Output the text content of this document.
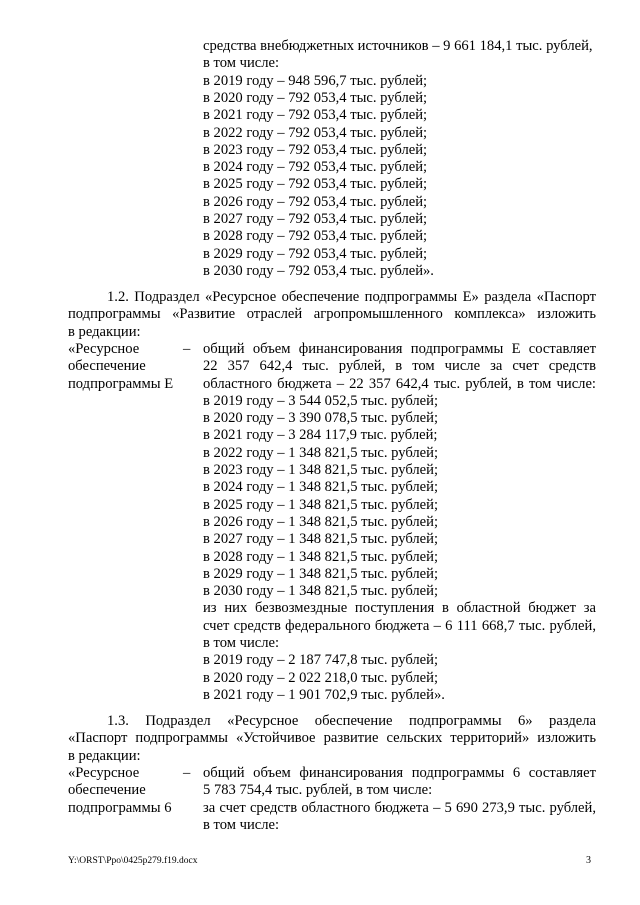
средства внебюджетных источников – 9 661 184,1 тыс. рублей,
в том числе:
в 2019 году – 948 596,7 тыс. рублей;
в 2020 году – 792 053,4 тыс. рублей;
в 2021 году – 792 053,4 тыс. рублей;
в 2022 году – 792 053,4 тыс. рублей;
в 2023 году – 792 053,4 тыс. рублей;
в 2024 году – 792 053,4 тыс. рублей;
в 2025 году – 792 053,4 тыс. рублей;
в 2026 году – 792 053,4 тыс. рублей;
в 2027 году – 792 053,4 тыс. рублей;
в 2028 году – 792 053,4 тыс. рублей;
в 2029 году – 792 053,4 тыс. рублей;
в 2030 году – 792 053,4 тыс. рублей».
1.2. Подраздел «Ресурсное обеспечение подпрограммы Е» раздела «Паспорт
подпрограммы «Развитие отраслей агропромышленного комплекса» изложить
в редакции:
«Ресурсное
обеспечение
подпрограммы Е
– общий объем финансирования подпрограммы Е составляет
22 357 642,4 тыс. рублей, в том числе за счет средств
областного бюджета – 22 357 642,4 тыс. рублей, в том числе:
в 2019 году – 3 544 052,5 тыс. рублей;
в 2020 году – 3 390 078,5 тыс. рублей;
в 2021 году – 3 284 117,9 тыс. рублей;
в 2022 году – 1 348 821,5 тыс. рублей;
в 2023 году – 1 348 821,5 тыс. рублей;
в 2024 году – 1 348 821,5 тыс. рублей;
в 2025 году – 1 348 821,5 тыс. рублей;
в 2026 году – 1 348 821,5 тыс. рублей;
в 2027 году – 1 348 821,5 тыс. рублей;
в 2028 году – 1 348 821,5 тыс. рублей;
в 2029 году – 1 348 821,5 тыс. рублей;
в 2030 году – 1 348 821,5 тыс. рублей;
из них безвозмездные поступления в областной бюджет за
счет средств федерального бюджета – 6 111 668,7 тыс. рублей,
в том числе:
в 2019 году – 2 187 747,8 тыс. рублей;
в 2020 году – 2 022 218,0 тыс. рублей;
в 2021 году – 1 901 702,9 тыс. рублей».
1.3. Подраздел «Ресурсное обеспечение подпрограммы 6» раздела
«Паспорт подпрограммы «Устойчивое развитие сельских территорий» изложить
в редакции:
«Ресурсное
обеспечение
подпрограммы 6
– общий объем финансирования подпрограммы 6 составляет
5 783 754,4 тыс. рублей, в том числе:
за счет средств областного бюджета – 5 690 273,9 тыс. рублей,
в том числе:
Y:\ORST\Ppo\0425p279.f19.docx	3
